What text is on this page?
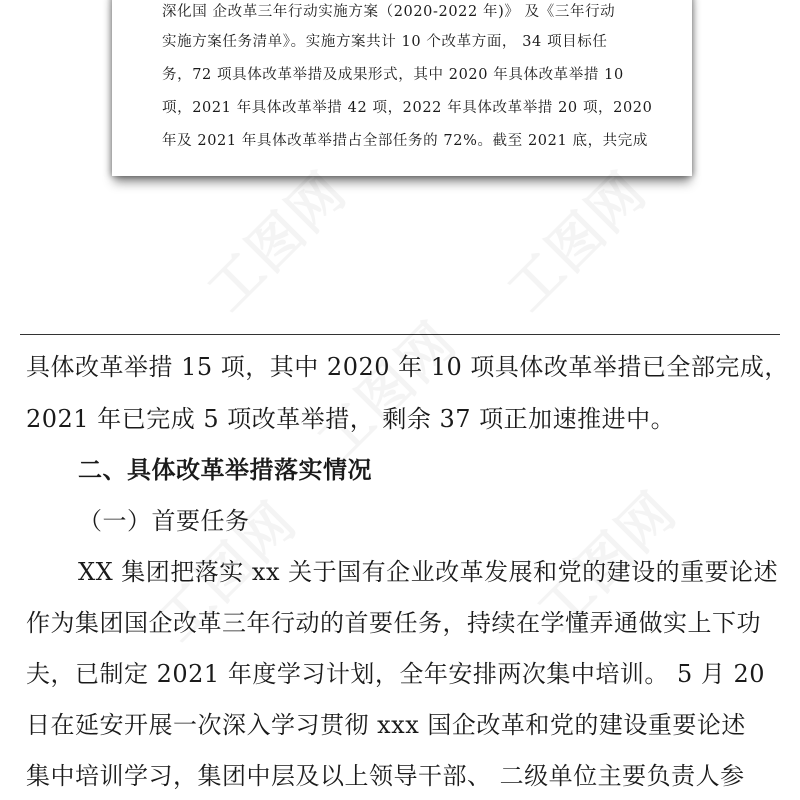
深化国 企改革三年行动实施方案（2020-2022 年)》 及《三年行动
实施方案任务清单》。实施方案共计 10 个改革方面， 34 项目标任
务，72 项具体改革举措及成果形式，其中 2020 年具体改革举措 10
项，2021 年具体改革举措 42 项，2022 年具体改革举措 20 项，2020
年及 2021 年具体改革举措占全部任务的 72%。截至 2021 底，共完成
具体改革举措 15 项，其中 2020 年 10 项具体改革举措已全部完成，
2021 年已完成 5 项改革举措， 剩余 37 项正加速推进中。
二、具体改革举措落实情况
（一）首要任务
XX 集团把落实 xx 关于国有企业改革发展和党的建设的重要论述
作为集团国企改革三年行动的首要任务，持续在学懂弄通做实上下功
夫，已制定 2021 年度学习计划，全年安排两次集中培训。 5 月 20
日在延安开展一次深入学习贯彻 xxx 国企改革和党的建设重要论述
集中培训学习，集团中层及以上领导干部、 二级单位主要负责人参
